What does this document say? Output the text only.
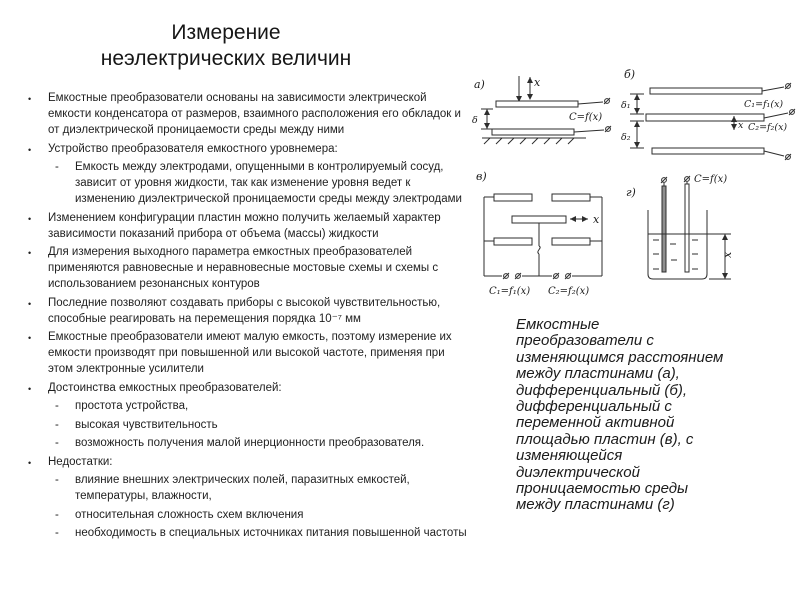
Измерение
неэлектрических величин
• Емкостные преобразователи основаны на зависимости электрической емкости конденсатора от размеров, взаимного расположения его обкладок и от диэлектрической проницаемости среды между ними
• Устройство преобразователя емкостного уровнемера:
- Емкость между электродами, опущенными в контролируемый сосуд, зависит от уровня жидкости, так как изменение уровня ведет к изменению диэлектрической проницаемости среды между электродами
• Изменением конфигурации пластин можно получить желаемый характер зависимости показаний прибора от объема (массы) жидкости
• Для измерения выходного параметра емкостных преобразователей применяются равновесные и неравновесные мостовые схемы и схемы с использованием резонансных контуров
• Последние позволяют создавать приборы с высокой чувствительностью, способные реагировать на перемещения порядка 10⁻⁷ мм
• Емкостные преобразователи имеют малую емкость, поэтому измерение их емкости производят при повышенной или высокой частоте, применяя при этом электронные усилители
• Достоинства емкостных преобразователей:
- простота устройства,
- высокая чувствительность
- возможность получения малой инерционности преобразователя.
• Недостатки:
- влияние внешних электрических полей, паразитных емкостей, температуры, влажности,
- относительная сложность схем включения
- необходимость в специальных источниках питания повышенной частоты
а)	x
C=f(x)
δ
б)
δ₁	C₁=f₁(x)
x C₂=f₂(x)
δ₂
в)
x
C₁=f₁(x) C₂=f₂(x)
г)
C=f(x)
x
Емкостные
преобразователи с
изменяющимся расстоянием
между пластинами (а),
дифференциальный (б),
дифференциальный с
переменной активной
площадью пластин (в), с
изменяющейся
диэлектрической
проницаемостью среды
между пластинами (г)
